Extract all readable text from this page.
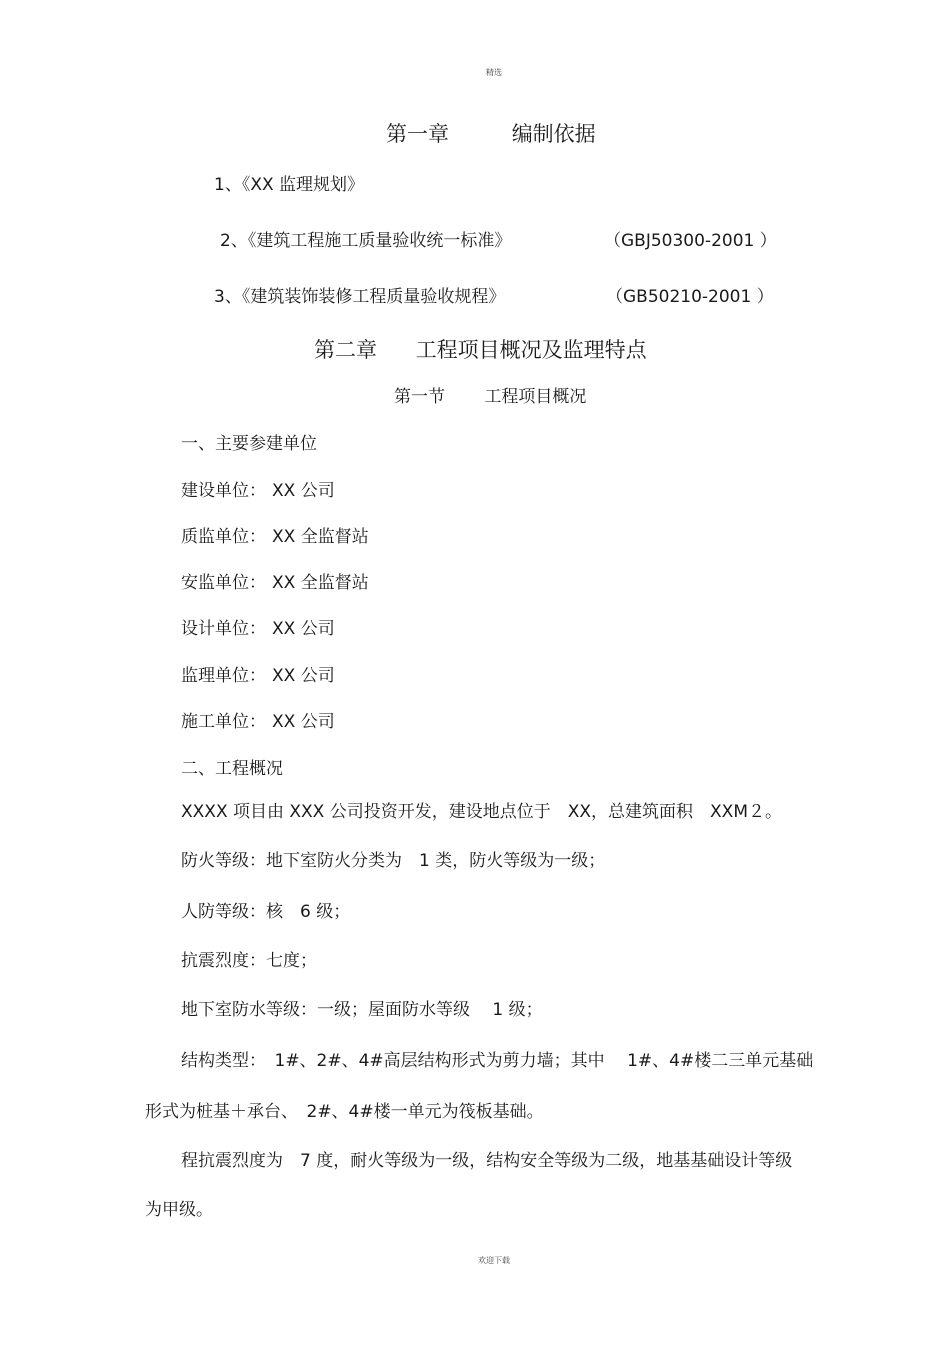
精选
第一章	编制依据
1、《XX 监理规划》
2、《建筑工程施工质量验收统一标准》	（GBJ50300-2001 ）
3、《建筑装饰装修工程质量验收规程》	（GB50210-2001 ）
第二章 工程项目概况及监理特点
第一节 工程项目概况
一、主要参建单位
建设单位： XX 公司
质监单位： XX 全监督站
安监单位： XX 全监督站
设计单位： XX 公司
监理单位： XX 公司
施工单位： XX 公司
二、工程概况
XXXX 项目由 XXX 公司投资开发，建设地点位于　XX，总建筑面积　XXM２。
防火等级：地下室防火分类为　1 类，防火等级为一级；
人防等级：核　6 级；
抗震烈度：七度；
地下室防水等级：一级；屋面防水等级　 1 级；
结构类型：　1#、2#、4#高层结构形式为剪力墙；其中　 1#、4#楼二三单元基础
形式为桩基＋承台、　2#、4#楼一单元为筏板基础。
程抗震烈度为　7 度，耐火等级为一级，结构安全等级为二级，地基基础设计等级
为甲级。
欢迎下载
